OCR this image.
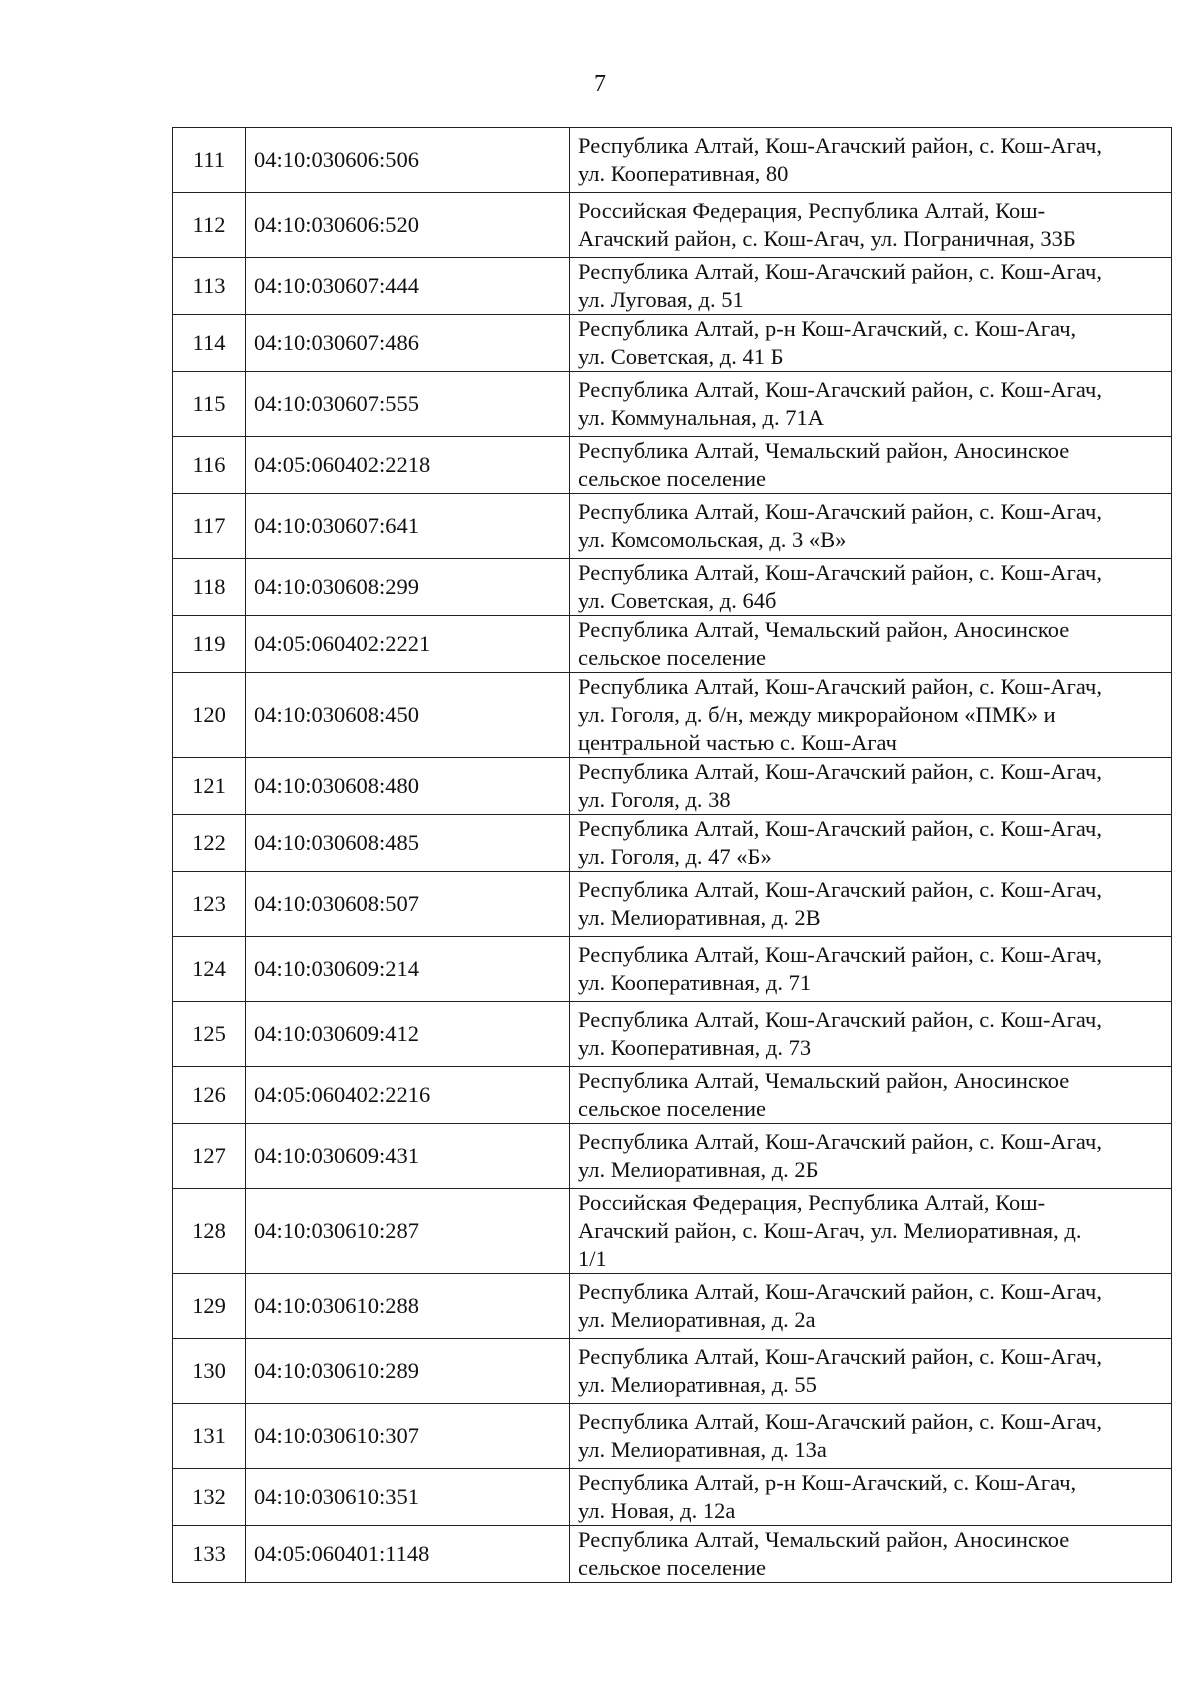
7
111	04:10:030606:506	Республика Алтай, Кош-Агачский район, с. Кош-Агач,
ул. Кооперативная, 80

112	04:10:030606:520	Российская Федерация, Республика Алтай, Кош-
Агачский район, с. Кош-Агач, ул. Пограничная, 33Б

113	04:10:030607:444	Республика Алтай, Кош-Агачский район, с. Кош-Агач,
ул. Луговая, д. 51

114	04:10:030607:486	Республика Алтай, р-н Кош-Агачский, с. Кош-Агач,
ул. Советская, д. 41 Б

115	04:10:030607:555	Республика Алтай, Кош-Агачский район, с. Кош-Агач,
ул. Коммунальная, д. 71А

116	04:05:060402:2218	Республика Алтай, Чемальский район, Аносинское
сельское поселение

117	04:10:030607:641	Республика Алтай, Кош-Агачский район, с. Кош-Агач,
ул. Комсомольская, д. 3 «В»

118	04:10:030608:299	Республика Алтай, Кош-Агачский район, с. Кош-Агач,
ул. Советская, д. 64б

119	04:05:060402:2221	Республика Алтай, Чемальский район, Аносинское
сельское поселение

120	04:10:030608:450	Республика Алтай, Кош-Агачский район, с. Кош-Агач,
ул. Гоголя, д. б/н, между микрорайоном «ПМК» и
центральной частью с. Кош-Агач

121	04:10:030608:480	Республика Алтай, Кош-Агачский район, с. Кош-Агач,
ул. Гоголя, д. 38

122	04:10:030608:485	Республика Алтай, Кош-Агачский район, с. Кош-Агач,
ул. Гоголя, д. 47 «Б»

123	04:10:030608:507	Республика Алтай, Кош-Агачский район, с. Кош-Агач,
ул. Мелиоративная, д. 2В

124	04:10:030609:214	Республика Алтай, Кош-Агачский район, с. Кош-Агач,
ул. Кооперативная, д. 71

125	04:10:030609:412	Республика Алтай, Кош-Агачский район, с. Кош-Агач,
ул. Кооперативная, д. 73

126	04:05:060402:2216	Республика Алтай, Чемальский район, Аносинское
сельское поселение

127	04:10:030609:431	Республика Алтай, Кош-Агачский район, с. Кош-Агач,
ул. Мелиоративная, д. 2Б

128	04:10:030610:287	Российская Федерация, Республика Алтай, Кош-
Агачский район, с. Кош-Агач, ул. Мелиоративная, д.
1/1

129	04:10:030610:288	Республика Алтай, Кош-Агачский район, с. Кош-Агач,
ул. Мелиоративная, д. 2а

130	04:10:030610:289	Республика Алтай, Кош-Агачский район, с. Кош-Агач,
ул. Мелиоративная, д. 55

131	04:10:030610:307	Республика Алтай, Кош-Агачский район, с. Кош-Агач,
ул. Мелиоративная, д. 13а

132	04:10:030610:351	Республика Алтай, р-н Кош-Агачский, с. Кош-Агач,
ул. Новая, д. 12а

133	04:05:060401:1148	Республика Алтай, Чемальский район, Аносинское
сельское поселение
